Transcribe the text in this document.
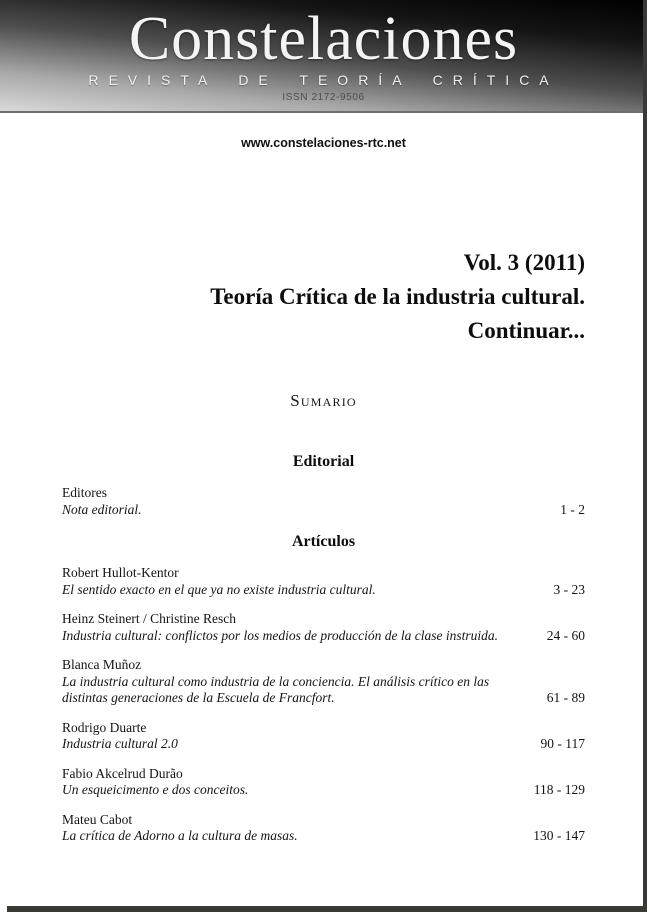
Constelaciones
REVISTA DE TEORÍA CRÍTICA
ISSN 2172-9506
www.constelaciones-rtc.net
Vol. 3 (2011)
Teoría Crítica de la industria cultural.
Continuar...
Sumario
Editorial
Editores
Nota editorial.	1 - 2
Artículos
Robert Hullot-Kentor
El sentido exacto en el que ya no existe industria cultural.	3 - 23
Heinz Steinert / Christine Resch
Industria cultural: conflictos por los medios de producción de la clase instruida.	24 - 60
Blanca Muñoz
La industria cultural como industria de la conciencia. El análisis crítico en las distintas generaciones de la Escuela de Francfort.	61 - 89
Rodrigo Duarte
Industria cultural 2.0	90 - 117
Fabio Akcelrud Durão
Un esqueicimento e dos conceitos.	118 - 129
Mateu Cabot
La crítica de Adorno a la cultura de masas.	130 - 147
